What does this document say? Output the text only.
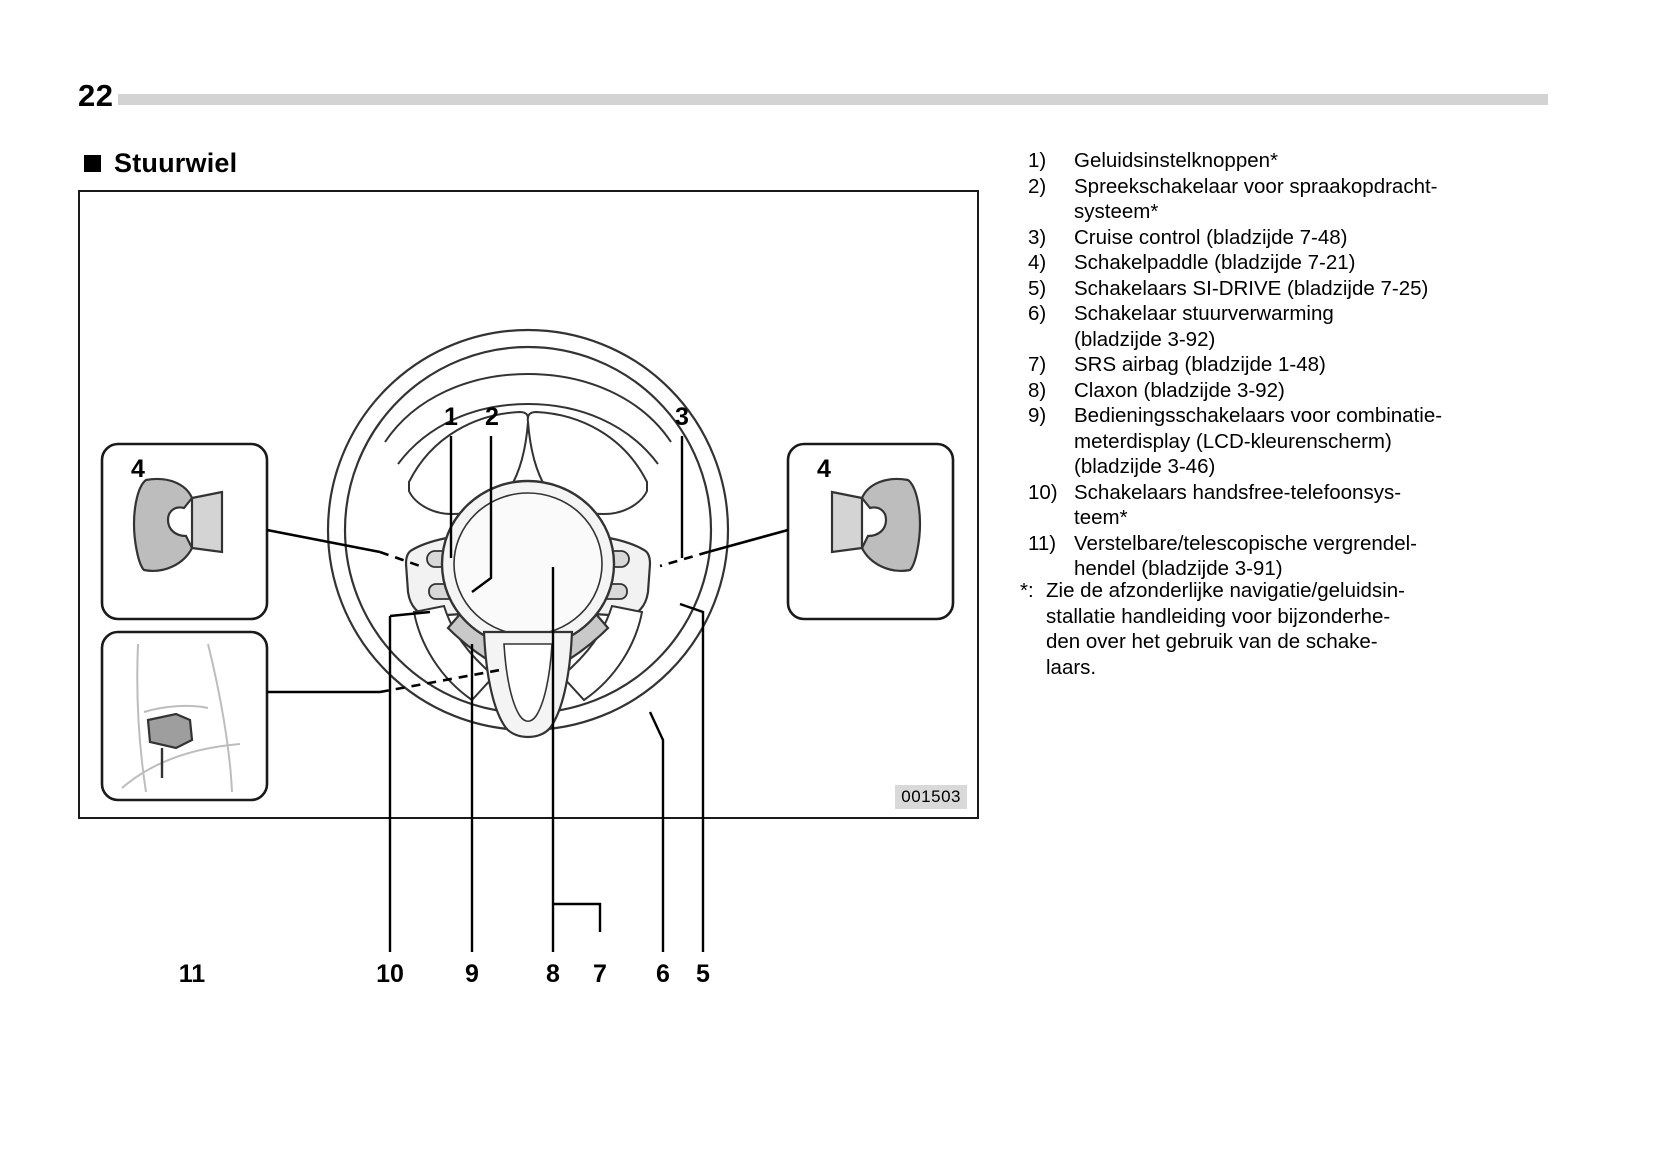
22
Stuurwiel
1 2	3
4	4
5
6
7
8
9
10
11
001503
1)	Geluidsinstelknoppen*
2)	Spreekschakelaar voor spraakopdracht-
systeem*
3)	Cruise control (bladzijde 7-48)
4)	Schakelpaddle (bladzijde 7-21)
5)	Schakelaars SI-DRIVE (bladzijde 7-25)
6)	Schakelaar stuurverwarming
(bladzijde 3-92)
7)	SRS airbag (bladzijde 1-48)
8)	Claxon (bladzijde 3-92)
9)	Bedieningsschakelaars voor combinatie-
meterdisplay (LCD-kleurenscherm)
(bladzijde 3-46)
10) Schakelaars handsfree-telefoonsys-
teem*
11) Verstelbare/telescopische vergrendel-
hendel (bladzijde 3-91)
*: Zie de afzonderlijke navigatie/geluidsin-
stallatie handleiding voor bijzonderhe-
den over het gebruik van de schake-
laars.
